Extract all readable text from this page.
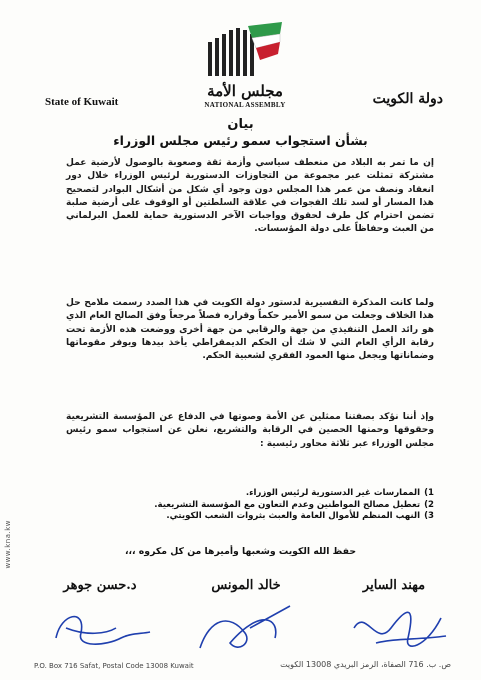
مجلس الأمة
NATIONAL ASSEMBLY
State of Kuwait	دولة الكويت
بيان
بشأن استجواب سمو رئيس مجلس الوزراء
إن ما تمر به البلاد من منعطف سياسي وأزمة ثقة وصعوبة بالوصول لأرضية عمل مشتركة تمثلت عبر مجموعة من التجاوزات الدستورية لرئيس الوزراء خلال دور انعقاد ونصف من عمر هذا المجلس دون وجود أي شكل من أشكال البوادر لتصحيح هذا المسار أو لسد تلك الفجوات في علاقة السلطتين أو الوقوف على أرضية صلبة تضمن احترام كل طرف لحقوق وواجبات الآخر الدستورية حماية للعمل البرلماني من العبث وحفاظاً على دولة المؤسسات.
ولما كانت المذكرة التفسيرية لدستور دولة الكويت في هذا الصدد رسمت ملامح حل هذا الخلاف وجعلت من سمو الأمير حكماً وقراره فصلاً مرجعاً وفق الصالح العام الذي هو رائد العمل التنفيذي من جهة والرقابي من جهة أخرى ووضعت هذه الأزمة تحت رقابة الرأي العام التي لا شك أن الحكم الديمقراطي يأخذ بيدها ويوفر مقوماتها وضماناتها ويجعل منها العمود الفقري لشعبية الحكم.
وإذ أننا نؤكد بصفتنا ممثلين عن الأمة وصوتها في الدفاع عن المؤسسة التشريعية وحقوقها وحمنها الحصين في الرقابة والتشريع، نعلن عن استجواب سمو رئيس مجلس الوزراء عبر ثلاثة محاور رئيسية :
1)
الممارسات غير الدستورية لرئيس الوزراء.
2)
تعطيل مصالح المواطنين وعدم التعاون مع المؤسسة التشريعية.
3)
النهب المنظم للأموال العامة والعبث بثروات الشعب الكويتي.
حفظ الله الكويت وشعبها وأميرها من كل مكروه ،،،
مهند الساير
خالد المونس
د.حسن جوهر
www.kna.kw
P.O. Box 716 Safat, Postal Code 13008 Kuwait	ص. ب. 716 الصفاة، الرمز البريدي 13008 الكويت
